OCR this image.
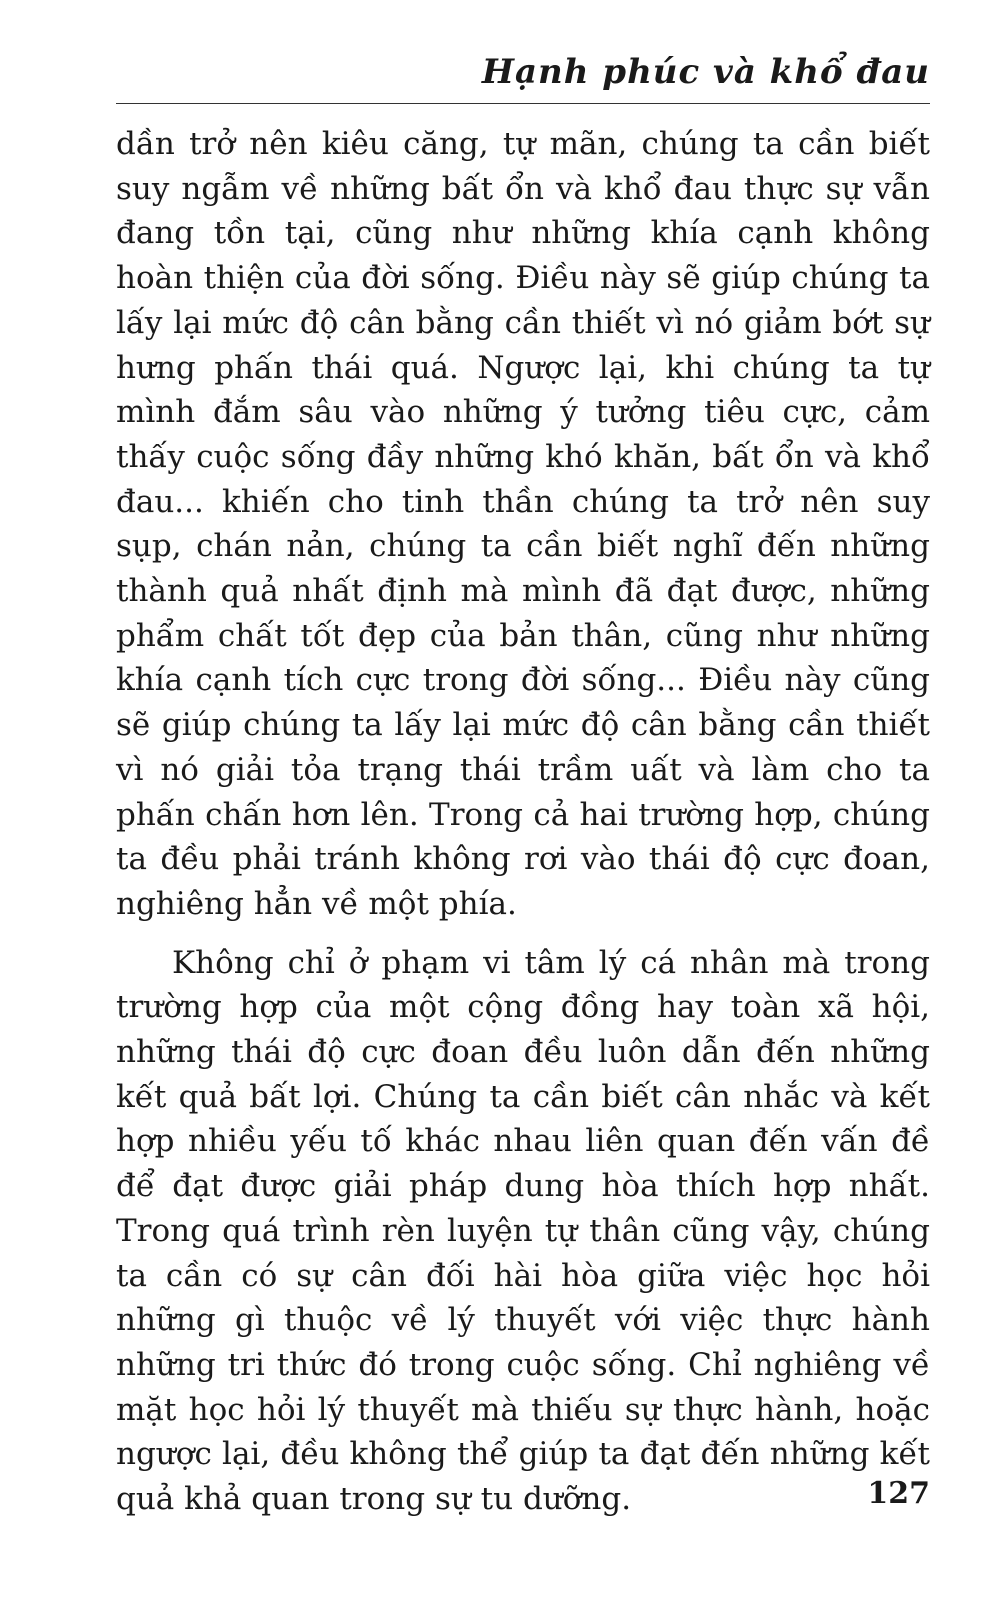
Hạnh phúc và khổ đau

dần trở nên kiêu căng, tự mãn, chúng ta cần biết suy ngẫm về những bất ổn và khổ đau thực sự vẫn đang tồn tại, cũng như những khía cạnh không hoàn thiện của đời sống. Điều này sẽ giúp chúng ta lấy lại mức độ cân bằng cần thiết vì nó giảm bớt sự hưng phấn thái quá. Ngược lại, khi chúng ta tự mình đắm sâu vào những ý tưởng tiêu cực, cảm thấy cuộc sống đầy những khó khăn, bất ổn và khổ đau... khiến cho tinh thần chúng ta trở nên suy sụp, chán nản, chúng ta cần biết nghĩ đến những thành quả nhất định mà mình đã đạt được, những phẩm chất tốt đẹp của bản thân, cũng như những khía cạnh tích cực trong đời sống... Điều này cũng sẽ giúp chúng ta lấy lại mức độ cân bằng cần thiết vì nó giải tỏa trạng thái trầm uất và làm cho ta phấn chấn hơn lên. Trong cả hai trường hợp, chúng ta đều phải tránh không rơi vào thái độ cực đoan, nghiêng hẳn về một phía.

Không chỉ ở phạm vi tâm lý cá nhân mà trong trường hợp của một cộng đồng hay toàn xã hội, những thái độ cực đoan đều luôn dẫn đến những kết quả bất lợi. Chúng ta cần biết cân nhắc và kết hợp nhiều yếu tố khác nhau liên quan đến vấn đề để đạt được giải pháp dung hòa thích hợp nhất. Trong quá trình rèn luyện tự thân cũng vậy, chúng ta cần có sự cân đối hài hòa giữa việc học hỏi những gì thuộc về lý thuyết với việc thực hành những tri thức đó trong cuộc sống. Chỉ nghiêng về mặt học hỏi lý thuyết mà thiếu sự thực hành, hoặc ngược lại, đều không thể giúp ta đạt đến những kết quả khả quan trong sự tu dưỡng.	127
